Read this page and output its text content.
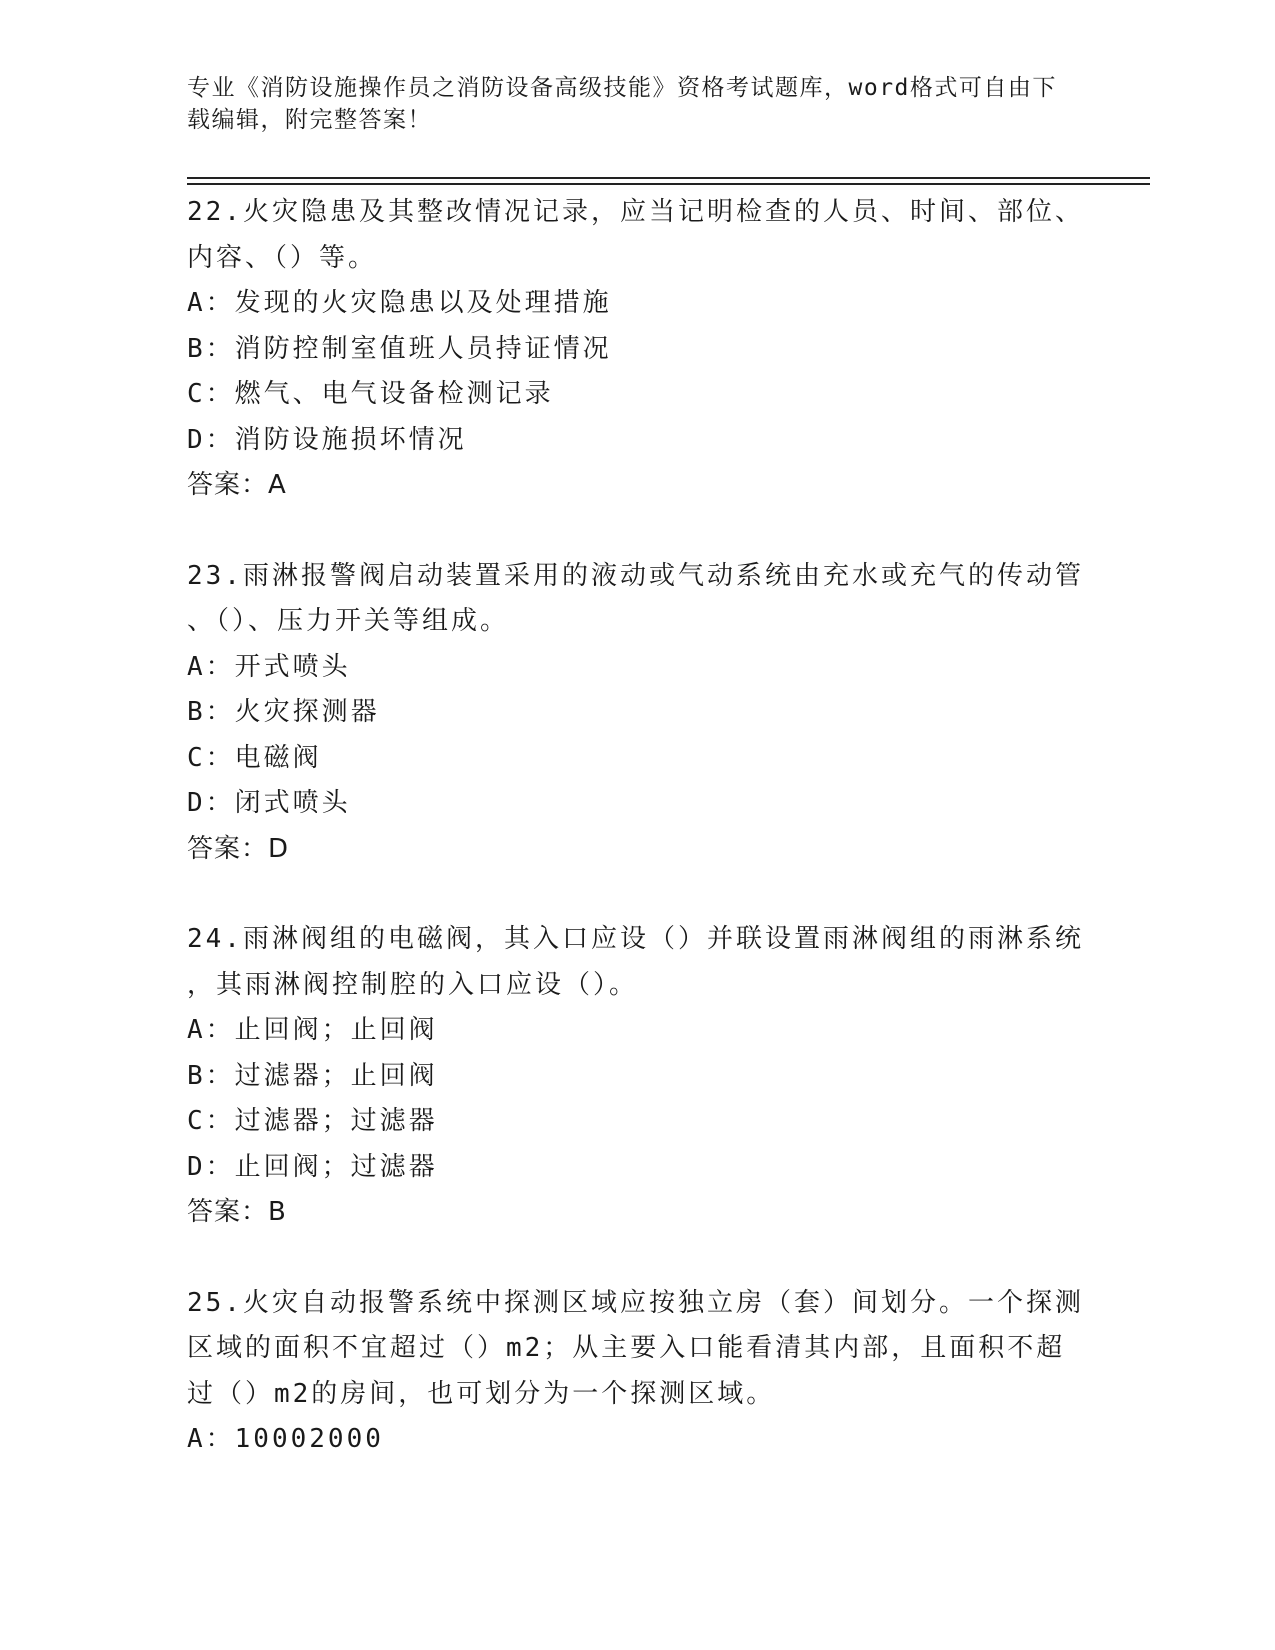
专业《消防设施操作员之消防设备高级技能》资格考试题库，word格式可自由下
载编辑，附完整答案！
22.火灾隐患及其整改情况记录，应当记明检查的人员、时间、部位、
内容、（）等。
A：发现的火灾隐患以及处理措施
B：消防控制室值班人员持证情况
C：燃气、电气设备检测记录
D：消防设施损坏情况
答案：A
23.雨淋报警阀启动装置采用的液动或气动系统由充水或充气的传动管
、（）、压力开关等组成。
A：开式喷头
B：火灾探测器
C：电磁阀
D：闭式喷头
答案：D
24.雨淋阀组的电磁阀，其入口应设（）并联设置雨淋阀组的雨淋系统
，其雨淋阀控制腔的入口应设（）。
A：止回阀；止回阀
B：过滤器；止回阀
C：过滤器；过滤器
D：止回阀；过滤器
答案：B
25.火灾自动报警系统中探测区域应按独立房（套）间划分。一个探测
区域的面积不宜超过（）m2；从主要入口能看清其内部，且面积不超
过（）m2的房间，也可划分为一个探测区域。
A：10002000
